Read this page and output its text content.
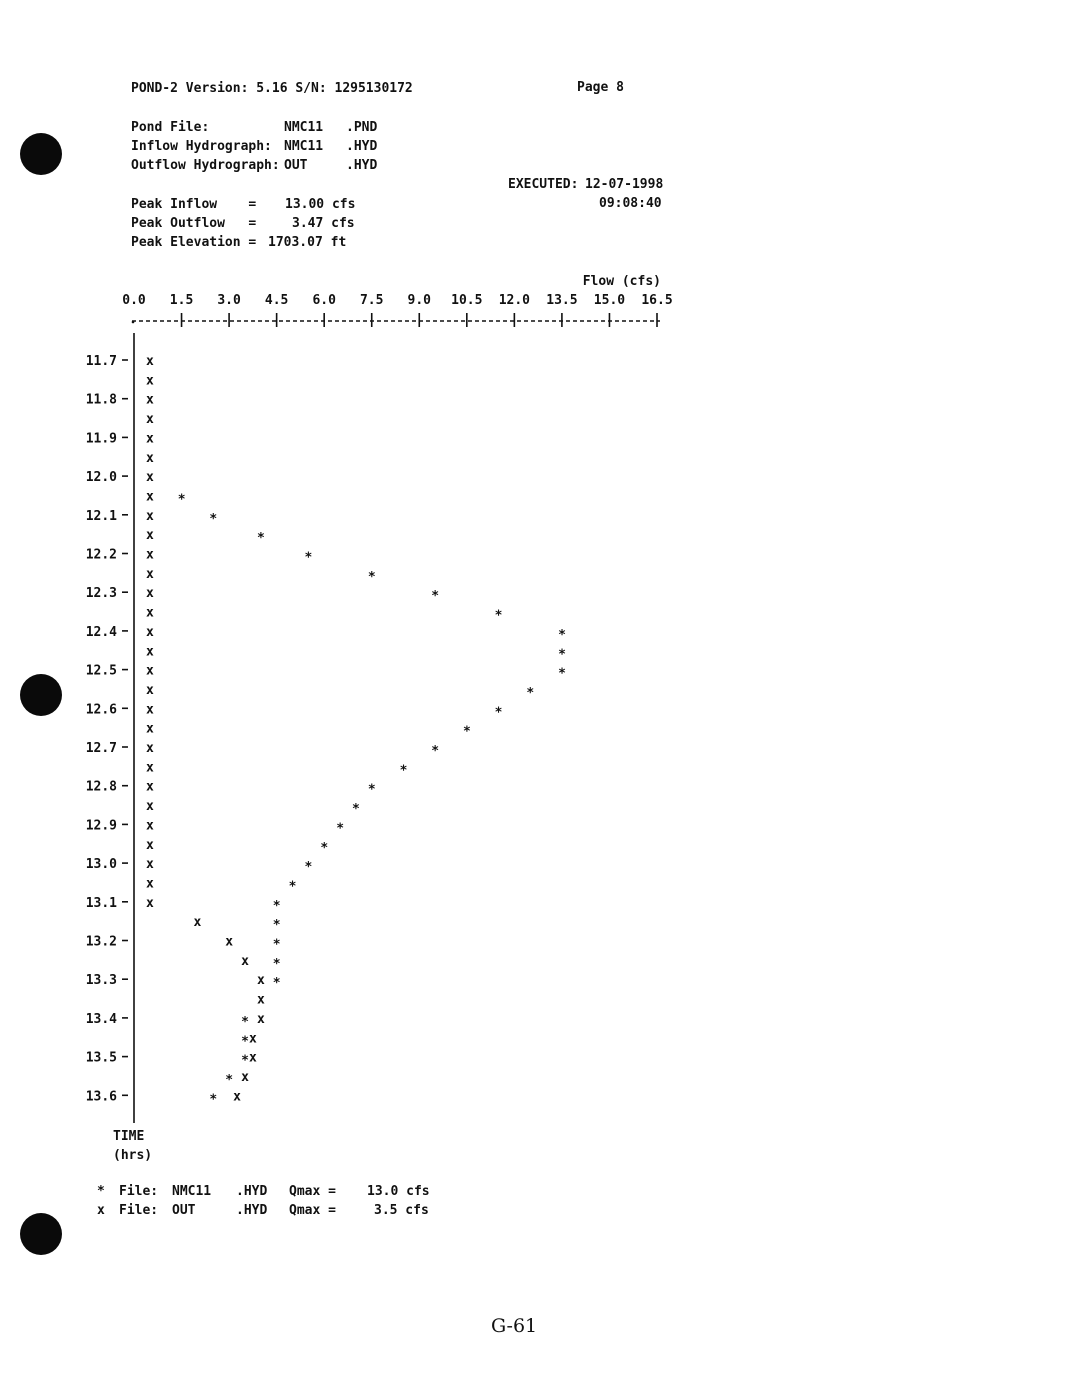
POND-2 Version: 5.16 S/N: 1295130172	Page 8
Pond File:	NMC11 .PND
Inflow Hydrograph: NMC11 .HYD
Outflow Hydrograph: OUT	.HYD
EXECUTED: 12-07-1998
09:08:40
Peak Inflow    = 13.00 cfs
Peak Outflow   =	3.47 cfs
Peak Elevation = 1703.07 ft
0.0 1.5 3.0 4.5 6.0 7.5 9.0 10.5 12.0 13.5 15.0 16.5
11.7
11.8
11.9
12.0
12.1
12.2
12.3
12.4
12.5
12.6
12.7
12.8
12.9
13.0
13.1
13.2
13.3
13.4
13.5
13.6
*
*
*
*
*
*
*
*
*
*
*
*
*
*
*
*
*
*
*
*
*
*
*
*
*
*
*
*
*
*
*
x
x
x
x
x
x
x
x
x
x
x
x
x
x
x
x
x
x
x
x
x
x
x
x
x
x
x
x
x
x
x
x
x
x
x
x
x
x
x
Flow (cfs)
TIME
(hrs)
* File: NMC11 .HYD Qmax = 13.0 cfs
x File: OUT	.HYD Qmax =	3.5 cfs
G-61
